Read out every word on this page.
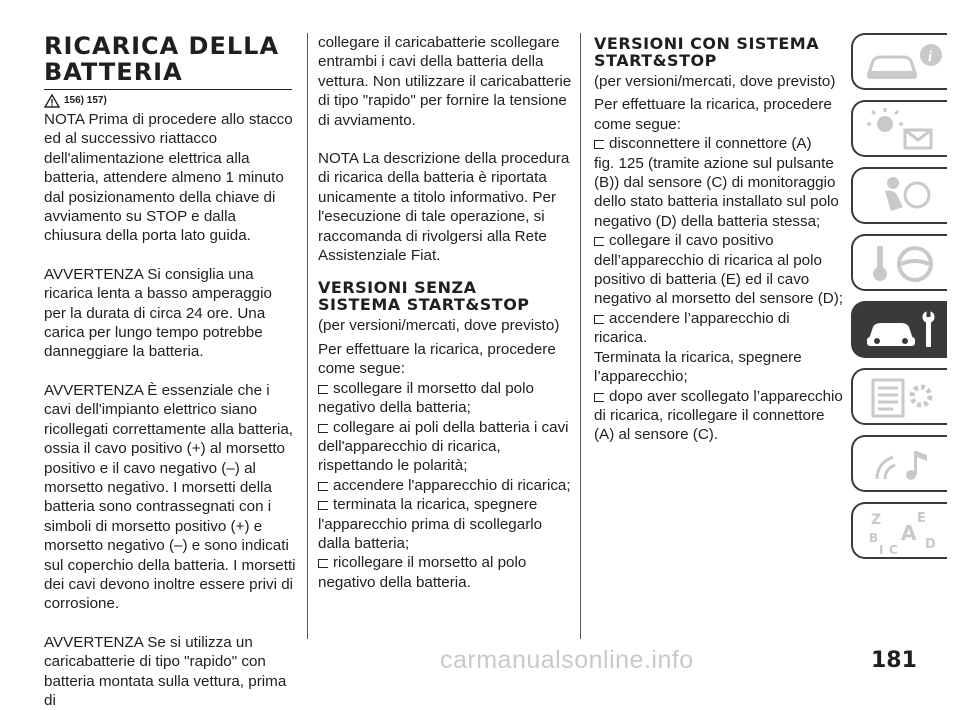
RICARICA DELLA
BATTERIA
156) 157)

NOTA Prima di procedere allo stacco ed al successivo riattacco dell'alimentazione elettrica alla batteria, attendere almeno 1 minuto dal posizionamento della chiave di avviamento su STOP e dalla chiusura della porta lato guida.

AVVERTENZA Si consiglia una ricarica lenta a basso amperaggio per la durata di circa 24 ore. Una carica per lungo tempo potrebbe danneggiare la batteria.

AVVERTENZA È essenziale che i cavi dell'impianto elettrico siano ricollegati correttamente alla batteria, ossia il cavo positivo (+) al morsetto positivo e il cavo negativo (–) al morsetto negativo. I morsetti della batteria sono contrassegnati con i simboli di morsetto positivo (+) e morsetto negativo (–) e sono indicati sul coperchio della batteria. I morsetti dei cavi devono inoltre essere privi di corrosione.

AVVERTENZA Se si utilizza un caricabatterie di tipo "rapido" con batteria montata sulla vettura, prima di

collegare il caricabatterie scollegare entrambi i cavi della batteria della vettura. Non utilizzare il caricabatterie di tipo "rapido" per fornire la tensione di avviamento.

NOTA La descrizione della procedura di ricarica della batteria è riportata unicamente a titolo informativo. Per l'esecuzione di tale operazione, si raccomanda di rivolgersi alla Rete Assistenziale Fiat.

VERSIONI SENZA
SISTEMA START&STOP

(per versioni/mercati, dove previsto)

Per effettuare la ricarica, procedere come segue:

scollegare il morsetto dal polo negativo della batteria;

collegare ai poli della batteria i cavi dell'apparecchio di ricarica, rispettando le polarità;

accendere l'apparecchio di ricarica;

terminata la ricarica, spegnere l'apparecchio prima di scollegarlo dalla batteria;

ricollegare il morsetto al polo negativo della batteria.

VERSIONI CON SISTEMA
START&STOP

(per versioni/mercati, dove previsto)

Per effettuare la ricarica, procedere come segue:

disconnettere il connettore (A)

fig. 125 (tramite azione sul pulsante (B)) dal sensore (C) di monitoraggio dello stato batteria installato sul polo negativo (D) della batteria stessa;

collegare il cavo positivo dell’apparecchio di ricarica al polo positivo di batteria (E) ed il cavo negativo al morsetto del sensore (D);

accendere l’apparecchio di ricarica.

Terminata la ricarica, spegnere l’apparecchio;

dopo aver scollegato l’apparecchio di ricarica, ricollegare il connettore (A) al sensore (C).

i
Z	E
B A
I C D
carmanualsonline.info	181
